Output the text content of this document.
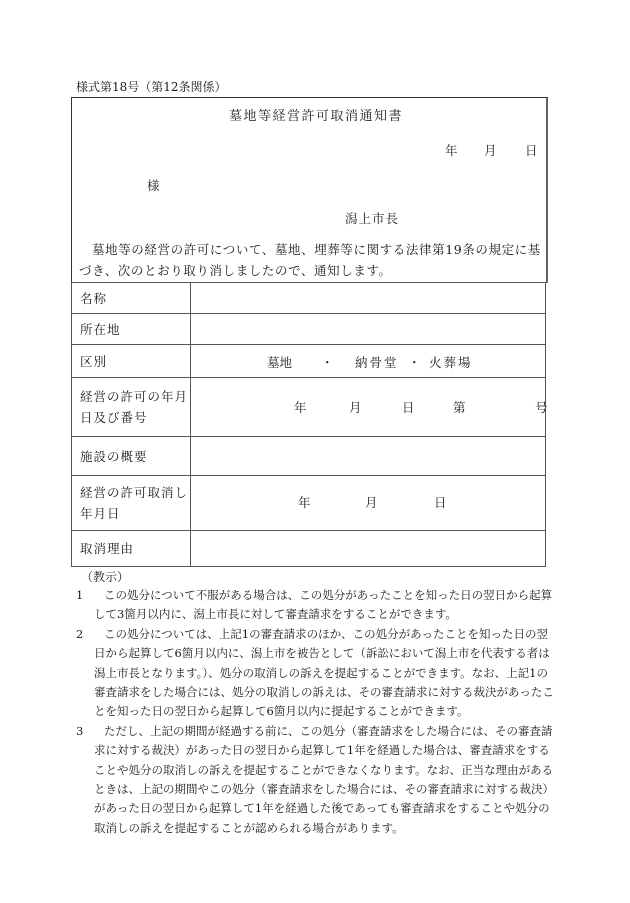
様式第18号（第12条関係）
墓地等経営許可取消通知書
年 月 日
様
潟上市長
墓地等の経営の許可について、墓地、埋葬等に関する法律第19条の規定に基づき、次のとおり取り消しましたので、通知します。
名称	
所在地	
区別	墓地 ・ 納骨堂 ・ 火葬場

経営の許可の年月日及び番号	年 月 日 第 号

施設の概要	
経営の許可取消し年月日	年 月 日

取消理由	
（教示）
1	この処分について不服がある場合は、この処分があったことを知った日の翌日から起算して3箇月以内に、潟上市長に対して審査請求をすることができます。
2	この処分については、上記1の審査請求のほか、この処分があったことを知った日の翌日から起算して6箇月以内に、潟上市を被告として（訴訟において潟上市を代表する者は潟上市長となります。）、処分の取消しの訴えを提起することができます。なお、上記1の審査請求をした場合には、処分の取消しの訴えは、その審査請求に対する裁決があったことを知った日の翌日から起算して6箇月以内に提起することができます。
3	ただし、上記の期間が経過する前に、この処分（審査請求をした場合には、その審査請求に対する裁決）があった日の翌日から起算して1年を経過した場合は、審査請求をすることや処分の取消しの訴えを提起することができなくなります。なお、正当な理由があるときは、上記の期間やこの処分（審査請求をした場合には、その審査請求に対する裁決）があった日の翌日から起算して1年を経過した後であっても審査請求をすることや処分の取消しの訴えを提起することが認められる場合があります。
